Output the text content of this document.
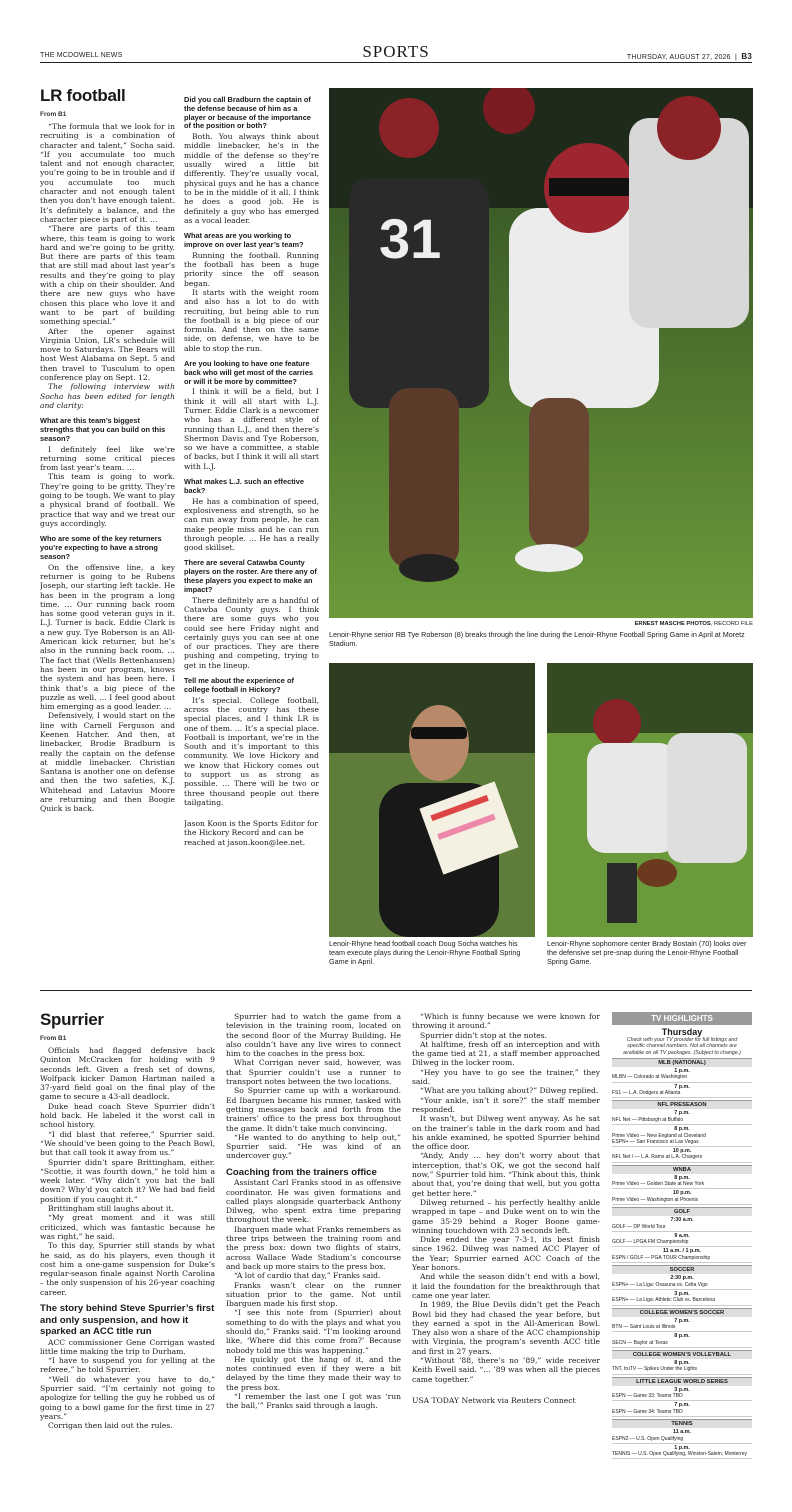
THE MCDOWELL NEWS	SPORTS	THURSDAY, AUGUST 27, 2026  |  B3
LR football
From B1

“The formula that we look for in recruiting is a combination of character and talent,” Socha said. “If you accumulate too much talent and not enough character, you’re going to be in trouble and if you accumulate too much character and not enough talent then you don’t have enough talent. It’s definitely a balance, and the character piece is part of it. …

“There are parts of this team where, this team is going to work hard and we’re going to be gritty. But there are parts of this team that are still mad about last year’s results and they’re going to play with a chip on their shoulder. And there are new guys who have chosen this place who love it and want to be part of building something special.”

After the opener against Virginia Union, LR’s schedule will move to Saturdays. The Bears will host West Alabama on Sept. 5 and then travel to Tusculum to open conference play on Sept. 12.

The following interview with Socha has been edited for length and clarity:

What are this team’s biggest strengths that you can build on this season?

I definitely feel like we’re returning some critical pieces from last year’s team. …

This team is going to work. They’re going to be gritty. They’re going to be tough. We want to play a physical brand of football. We practice that way and we treat our guys accordingly.

Who are some of the key returners you’re expecting to have a strong season?

On the offensive line, a key returner is going to be Rubens Joseph, our starting left tackle. He has been in the program a long time. … Our running back room has some good veteran guys in it. L.J. Turner is back. Eddie Clark is a new guy. Tye Roberson is an All-American kick returner, but he’s also in the running back room. … The fact that (Wells Bettenhausen) has been in our program, knows the system and has been here. I think that’s a big piece of the puzzle as well. … I feel good about him emerging as a good leader. …

Defensively, I would start on the line with Carnell Ferguson and Keenen Hatcher. And then, at linebacker, Brodie Bradburn is really the captain on the defense at middle linebacker. Christian Santana is another one on defense and then the two safeties, K.J. Whitehead and Latavius Moore are returning and then Boogie Quick is back.

Did you call Bradburn the captain of the defense because of him as a player or because of the importance of the position or both?

Both. You always think about middle linebacker, he’s in the middle of the defense so they’re usually wired a little bit differently. They’re usually vocal, physical guys and he has a chance to be in the middle of it all. I think he does a good job. He is definitely a guy who has emerged as a vocal leader.

What areas are you working to improve on over last year’s team?

Running the football. Running the football has been a huge priority since the off season began.

It starts with the weight room and also has a lot to do with recruiting, but being able to run the football is a big piece of our formula. And then on the same side, on defense, we have to be able to stop the run.

Are you looking to have one feature back who will get most of the carries or will it be more by committee?

I think it will be a field, but I think it will all start with L.J. Turner. Eddie Clark is a newcomer who has a different style of running than L.J., and then there’s Shermon Davis and Tye Roberson, so we have a committee, a stable of backs, but I think it will all start with L.J.

What makes L.J. such an effective back?

He has a combination of speed, explosiveness and strength, so he can run away from people, he can make people miss and he can run through people. … He has a really good skillset.

There are several Catawba County players on the roster. Are there any of these players you expect to make an impact?

There definitely are a handful of Catawba County guys. I think there are some guys who you could see here Friday night and certainly guys you can see at one of our practices. They are there pushing and competing, trying to get in the lineup.

Tell me about the experience of college football in Hickory?

It’s special. College football, across the country has these special places, and I think LR is one of them. … It’s a special place. Football is important, we’re in the South and it’s important to this community. We love Hickory and we know that Hickory comes out to support us as strong as possible. … There will be two or three thousand people out there tailgating.

Jason Koon is the Sports Editor for the Hickory Record and can be reached at jason.koon@lee.net.

31
ERNEST MASCHE PHOTOS, RECORD FILE
Lenoir-Rhyne senior RB Tye Roberson (8) breaks through the line during the Lenoir-Rhyne Football Spring Game in April at Moretz Stadium.
Lenoir-Rhyne head football coach Doug Socha watches his team execute plays during the Lenoir-Rhyne Football Spring Game in April.
Lenoir-Rhyne sophomore center Brady Bostain (70) looks over the defensive set pre-snap during the Lenoir-Rhyne Football Spring Game.
Spurrier
From B1

Officials had flagged defensive back Quinton McCracken for holding with 9 seconds left. Given a fresh set of downs, Wolfpack kicker Damon Hartman nailed a 37-yard field goal on the final play of the game to secure a 43-all deadlock.

Duke head coach Steve Spurrier didn’t hold back. He labeled it the worst call in school history.

“I did blast that referee,” Spurrier said. “We should’ve been going to the Peach Bowl, but that call took it away from us.”

Spurrier didn’t spare Brittingham, either. “Scottie, it was fourth down,” he told him a week later. “Why didn’t you bat the ball down? Why’d you catch it? We had bad field position if you caught it.”

Brittingham still laughs about it.

“My great moment and it was still criticized, which was fantastic because he was right,” he said.

To this day, Spurrier still stands by what he said, as do his players, even though it cost him a one-game suspension for Duke’s regular-season finale against North Carolina – the only suspension of his 26-year coaching career.

The story behind Steve Spurrier’s first and only suspension, and how it sparked an ACC title run

ACC commissioner Gene Corrigan wasted little time making the trip to Durham.

“I have to suspend you for yelling at the referee,” he told Spurrier.

“Well do whatever you have to do,” Spurrier said. “I’m certainly not going to apologize for telling the guy he robbed us of going to a bowl game for the first time in 27 years.”

Corrigan then laid out the rules.

Spurrier had to watch the game from a television in the training room, located on the second floor of the Murray Building. He also couldn’t have any live wires to connect him to the coaches in the press box.

What Corrigan never said, however, was that Spurrier couldn’t use a runner to transport notes between the two locations.

So Spurrier came up with a workaround. Ed Ibarguen became his runner, tasked with getting messages back and forth from the trainers’ office to the press box throughout the game. It didn’t take much convincing.

“He wanted to do anything to help out,” Spurrier said. “He was kind of an undercover guy.”

Coaching from the trainers office

Assistant Carl Franks stood in as offensive coordinator. He was given formations and called plays alongside quarterback Anthony Dilweg, who spent extra time preparing throughout the week.

Ibarguen made what Franks remembers as three trips between the training room and the press box: down two flights of stairs, across Wallace Wade Stadium’s concourse and back up more stairs to the press box.

“A lot of cardio that day,” Franks said.

Franks wasn’t clear on the runner situation prior to the game. Not until Ibarguen made his first stop.

“I see this note from (Spurrier) about something to do with the plays and what you should do,” Franks said. “I’m looking around like, ‘Where did this come from?’ Because nobody told me this was happening.”

He quickly got the hang of it, and the notes continued even if they were a bit delayed by the time they made their way to the press box.

“I remember the last one I got was ‘run the ball,’” Franks said through a laugh.

“Which is funny because we were known for throwing it around.”

Spurrier didn’t stop at the notes.

At halftime, fresh off an interception and with the game tied at 21, a staff member approached Dilweg in the locker room.

“Hey you have to go see the trainer,” they said.

“What are you talking about?” Dilweg replied.

“Your ankle, isn’t it sore?” the staff member responded.

It wasn’t, but Dilweg went anyway. As he sat on the trainer’s table in the dark room and had his ankle examined, he spotted Spurrier behind the office door.

“Andy, Andy … hey don’t worry about that interception, that’s OK, we got the second half now,” Spurrier told him. “Think about this, think about that, you’re doing that well, but you gotta get better here.”

Dilweg returned – his perfectly healthy ankle wrapped in tape – and Duke went on to win the game 35-29 behind a Roger Boone game-winning touchdown with 23 seconds left.

Duke ended the year 7-3-1, its best finish since 1962. Dilweg was named ACC Player of the Year; Spurrier earned ACC Coach of the Year honors.

And while the season didn’t end with a bowl, it laid the foundation for the breakthrough that came one year later.

In 1989, the Blue Devils didn’t get the Peach Bowl bid they had chased the year before, but they earned a spot in the All-American Bowl. They also won a share of the ACC championship with Virginia, the program’s seventh ACC title and first in 27 years.

“Without ’88, there’s no ’89,” wide receiver Keith Ewell said. “… ’89 was when all the pieces came together.”

USA TODAY Network via Reuters Connect

TV HIGHLIGHTS
Thursday
Check with your TV provider for full listings and specific channel numbers. Not all channels are available on all TV packages. (Subject to change.)
MLB (NATIONAL)
1 p.m.
MLBN — Colorado at Washington
7 p.m.
FS1 — L.A. Dodgers at Atlanta
NFL PRESEASON
7 p.m.
NFL Net — Pittsburgh at Buffalo
8 p.m.
Prime Video — New England at Cleveland
ESPN+ — San Francisco at Las Vegas
10 p.m.
NFL Net / — L.A. Rams at L.A. Chargers
WNBA
8 p.m.
Prime Video — Golden State at New York
10 p.m.
Prime Video — Washington at Phoenix
GOLF
7:30 a.m.
GOLF — DP World Tour
9 a.m.
GOLF — LPGA FM Championship
11 a.m. / 1 p.m.
ESPN / GOLF — PGA TOUR Championship
SOCCER
2:30 p.m.
ESPN+ — La Liga: Osasuna vs. Celta Vigo
3 p.m.
ESPN+ — La Liga: Athletic Club vs. Barcelona
COLLEGE WOMEN’S SOCCER
7 p.m.
BTN — Saint Louis at Illinois
8 p.m.
SECN — Baylor at Texas
COLLEGE WOMEN’S VOLLEYBALL
8 p.m.
TNT, truTV — Spikes Under the Lights
LITTLE LEAGUE WORLD SERIES
3 p.m.
ESPN — Game 33: Teams TBD
7 p.m.
ESPN — Game 34: Teams TBD
TENNIS
11 a.m.
ESPN2 — U.S. Open Qualifying
1 p.m.
TENNIS — U.S. Open Qualifying, Winston-Salem, Monterrey
